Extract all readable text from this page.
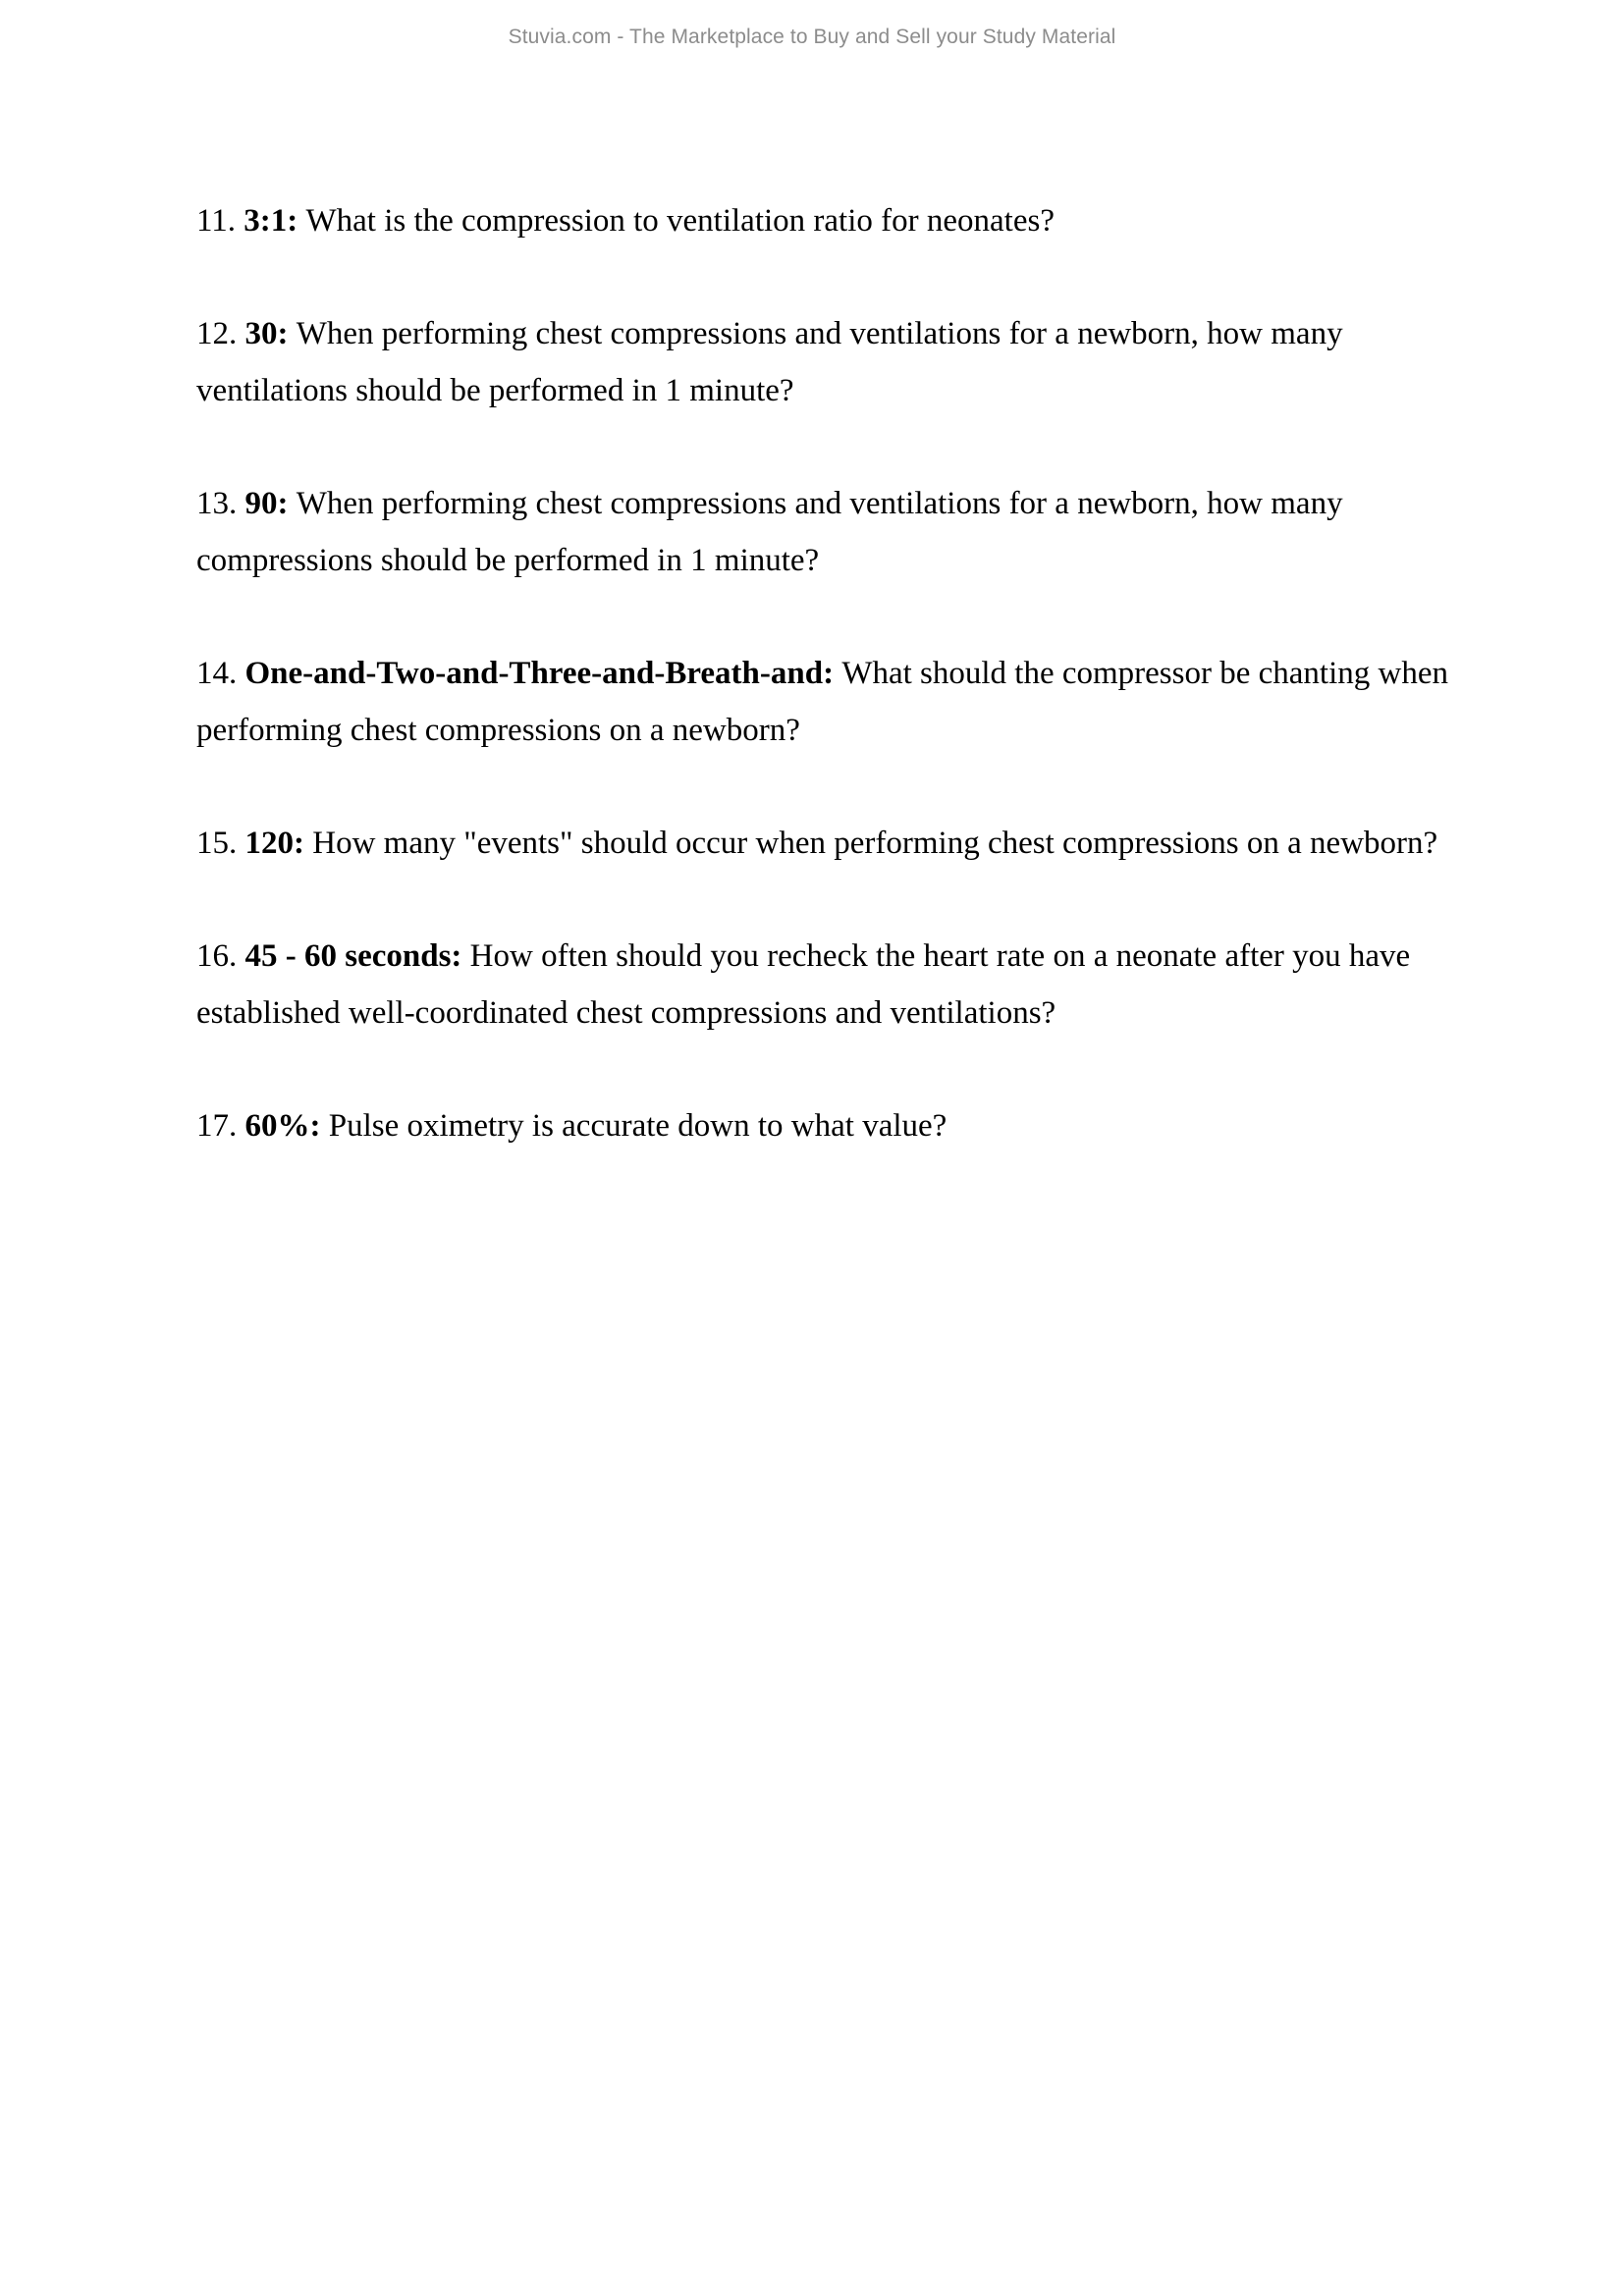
Stuvia.com - The Marketplace to Buy and Sell your Study Material
11. 3:1: What is the compression to ventilation ratio for neonates?
12. 30: When performing chest compressions and ventilations for a newborn, how many ventilations should be performed in 1 minute?
13. 90: When performing chest compressions and ventilations for a newborn, how many compressions should be performed in 1 minute?
14. One-and-Two-and-Three-and-Breath-and: What should the compressor be chanting when performing chest compressions on a newborn?
15. 120: How many "events" should occur when performing chest compressions on a newborn?
16. 45 - 60 seconds: How often should you recheck the heart rate on a neonate after you have established well-coordinated chest compressions and ventilations?
17. 60%: Pulse oximetry is accurate down to what value?
